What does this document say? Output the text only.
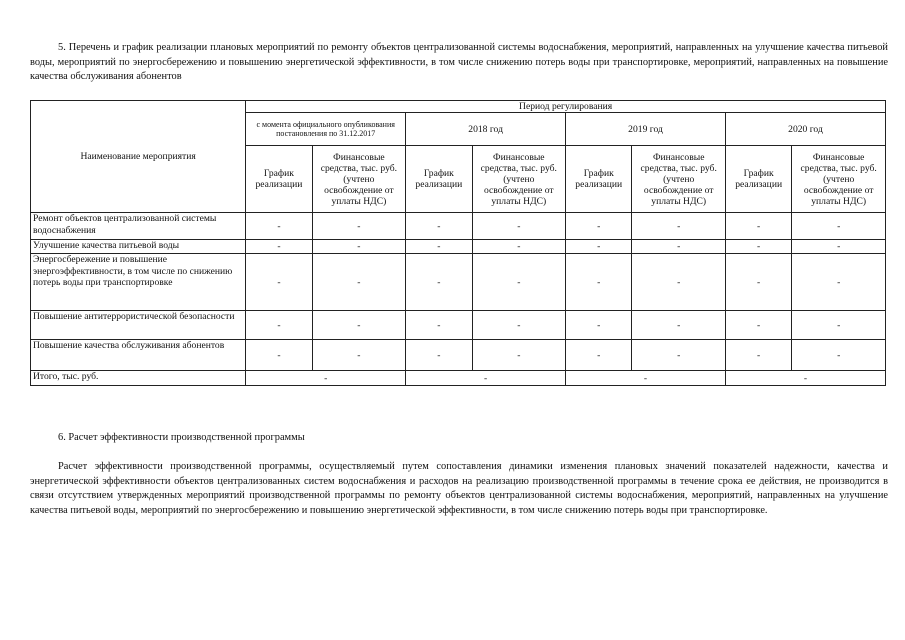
5. Перечень и график реализации плановых мероприятий по ремонту объектов централизованной системы водоснабжения, мероприятий, направленных на улучшение качества питьевой воды, мероприятий по энергосбережению и повышению энергетической эффективности, в том числе снижению потерь воды при транспортировке, мероприятий, направленных на повышение качества обслуживания абонентов
Наименование мероприятия	Период регулирования							
	с момента официального опубликования постановления по 31.12.2017		2018 год		2019 год		2020 год	
	График реализации	Финансовые средства, тыс. руб. (учтено освобождение от уплаты НДС)	График реализации	Финансовые средства, тыс. руб. (учтено освобождение от уплаты НДС)	График реализации	Финансовые средства, тыс. руб. (учтено освобождение от уплаты НДС)	График реализации	Финансовые средства, тыс. руб. (учтено освобождение от уплаты НДС)
Ремонт объектов централизованной системы водоснабжения	-	-	-	-	-	-	-	-
Улучшение качества питьевой воды	-	-	-	-	-	-	-	-
Энергосбережение и повышение энергоэффективности, в том числе по снижению потерь воды при транспортировке	-	-	-	-	-	-	-	-
Повышение антитеррористической безопасности	-	-	-	-	-	-	-	-
Повышение качества обслуживания абонентов	-	-	-	-	-	-	-	-
Итого, тыс. руб.	-		-		-		-	
6. Расчет эффективности производственной программы
Расчет эффективности производственной программы, осуществляемый путем сопоставления динамики изменения плановых значений показателей надежности, качества и энергетической эффективности объектов централизованных систем водоснабжения и расходов на реализацию производственной программы в течение срока ее действия, не производится в связи отсутствием утвержденных мероприятий производственной программы по ремонту объектов централизованной системы водоснабжения, мероприятий, направленных на улучшение качества питьевой воды, мероприятий по энергосбережению и повышению энергетической эффективности, в том числе снижению потерь воды при транспортировке.
